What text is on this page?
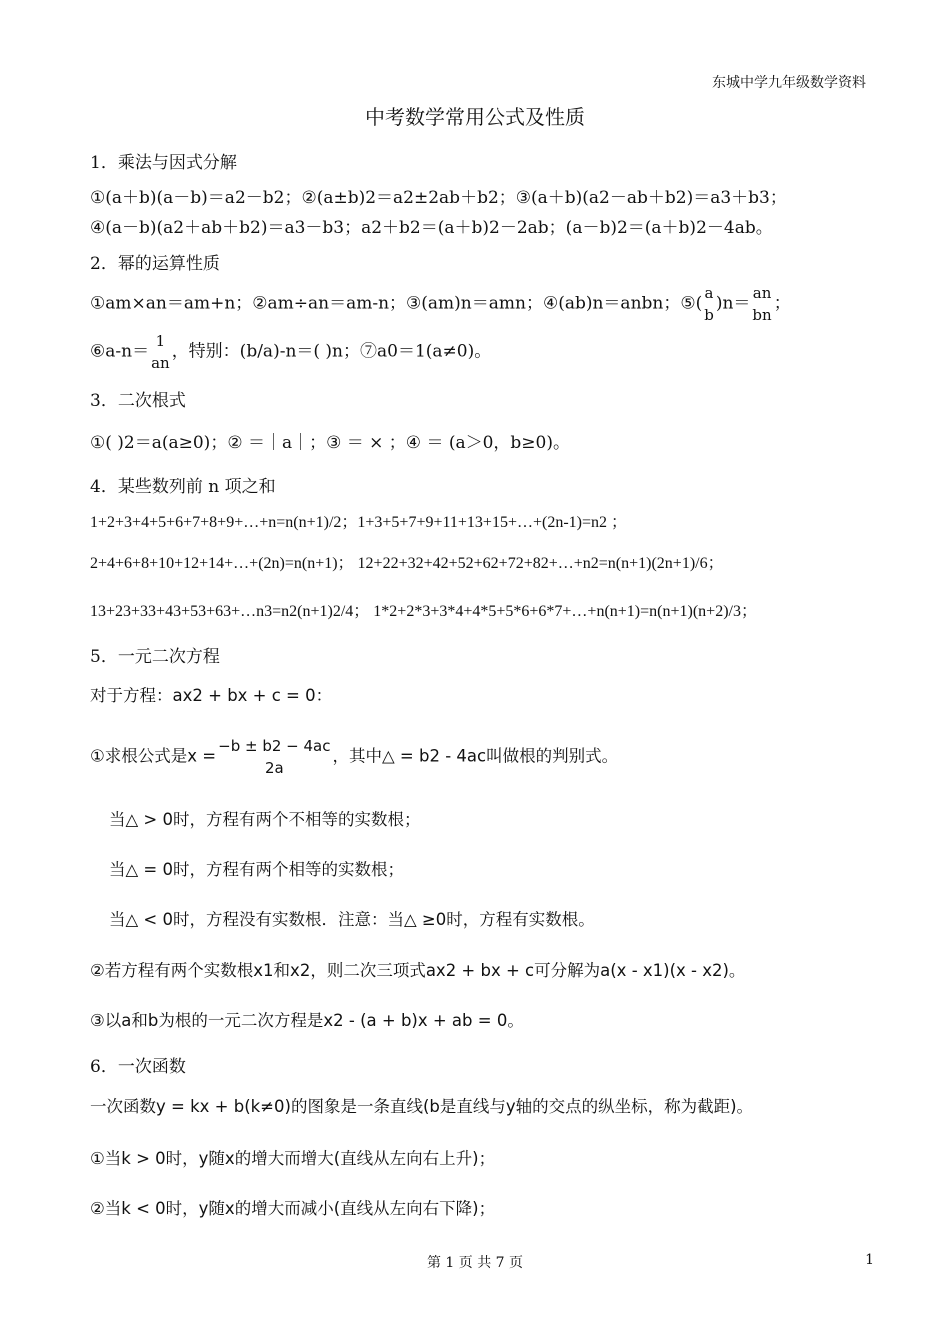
东城中学九年级数学资料
中考数学常用公式及性质
1．乘法与因式分解
①(a＋b)(a－b)＝a2－b2；②(a±b)2＝a2±2ab＋b2；③(a＋b)(a2－ab＋b2)＝a3＋b3；
④(a－b)(a2＋ab＋b2)＝a3－b3；a2＋b2＝(a＋b)2－2ab；(a－b)2＝(a＋b)2－4ab。
2．幂的运算性质
①am×an＝am+n；②am÷an＝am-n；③(am)n＝amn；④(ab)n＝anbn；⑤(
a
b
)n＝
an
bn
；
⑥a-n＝
1
an
，特别：(b/a)-n＝( )n；⑦a0＝1(a≠0)。
3．二次根式
①( )2＝a(a≥0)；② ＝｜a｜；③ ＝ × ；④ ＝ (a＞0，b≥0)。
4．某些数列前 n 项之和
1+2+3+4+5+6+7+8+9+…+n=n(n+1)/2；1+3+5+7+9+11+13+15+…+(2n-1)=n2 ；
2+4+6+8+10+12+14+…+(2n)=n(n+1)； 12+22+32+42+52+62+72+82+…+n2=n(n+1)(2n+1)/6；
13+23+33+43+53+63+…n3=n2(n+1)2/4； 1*2+2*3+3*4+4*5+5*6+6*7+…+n(n+1)=n(n+1)(n+2)/3；
5．一元二次方程
对于方程：ax2 + bx + c = 0：
①求根公式是x =
−b ± b2 − 4ac
2a
，其中△ = b2 - 4ac叫做根的判别式。
当△ > 0时，方程有两个不相等的实数根；
当△ = 0时，方程有两个相等的实数根；
当△ < 0时，方程没有实数根．注意：当△ ≥0时，方程有实数根。
②若方程有两个实数根x1和x2，则二次三项式ax2 + bx + c可分解为a(x - x1)(x - x2)。
③以a和b为根的一元二次方程是x2 - (a + b)x + ab = 0。
6．一次函数
一次函数y = kx + b(k≠0)的图象是一条直线(b是直线与y轴的交点的纵坐标，称为截距)。
①当k > 0时，y随x的增大而增大(直线从左向右上升)；
②当k < 0时，y随x的增大而减小(直线从左向右下降)；
第 1 页 共 7 页	1
